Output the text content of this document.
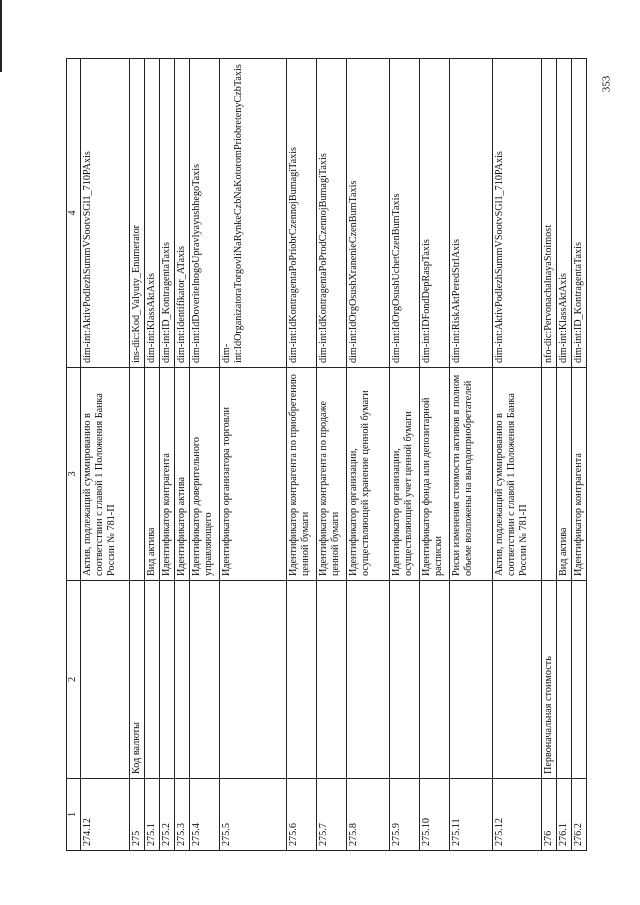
353
1	2	3	4
274.12		Актив, подлежащий суммированию в соответствии с главой 1 Положения Банка России № 781-П	dim-int:AktivPodlezhSummVSootvSGl1_710PAxis
275	Код валюты		ins-dic:Kod_Valyuty_Enumerator
275.1		Вид актива	dim-int:KlassAktAxis
275.2		Идентификатор контрагента	dim-int:ID_KontragentaTaxis
275.3		Идентификатор актива	dim-int:Identifikator_ATaxis
275.4		Идентификатор доверительного управляющего	dim-int:IdDoveritelnogoUpravlyayushhegoTaxis
275.5		Идентификатор организатора торговли	dim-int:IdOrganizatoraTorgovliNaRynkeCzbNaKotoromPriobretenyCzbTaxis
275.6		Идентификатор контрагента по приобретению ценной бумаги	dim-int:IdKontragentaPoPriobrCzennojBumagiTaxis
275.7		Идентификатор контрагента по продаже ценной бумаги	dim-int:IdKontragentaPoProdCzennojBumagiTaxis
275.8		Идентификатор организации, осуществляющей хранение ценной бумаги	dim-int:IdOrgOsushXranenieCzenBumTaxis
275.9		Идентификатор организации, осуществляющей учет ценной бумаги	dim-int:IdOrgOsushUchetCzenBumTaxis
275.10		Идентификатор фонда или депозитарной расписки	dim-int:IDFondDepRaspTaxis
275.11		Риски изменения стоимости активов в полном объеме возложены на выгодоприобретателей	dim-int:RiskAktPeredStrlAxis
275.12		Актив, подлежащий суммированию в соответствии с главой 1 Положения Банка России № 781-П	dim-int:AktivPodlezhSummVSootvSGl1_710PAxis
276	Первоначальная стоимость		nfo-dic:PervonachalnayaStoimost
276.1		Вид актива	dim-int:KlassAktAxis
276.2		Идентификатор контрагента	dim-int:ID_KontragentaTaxis
